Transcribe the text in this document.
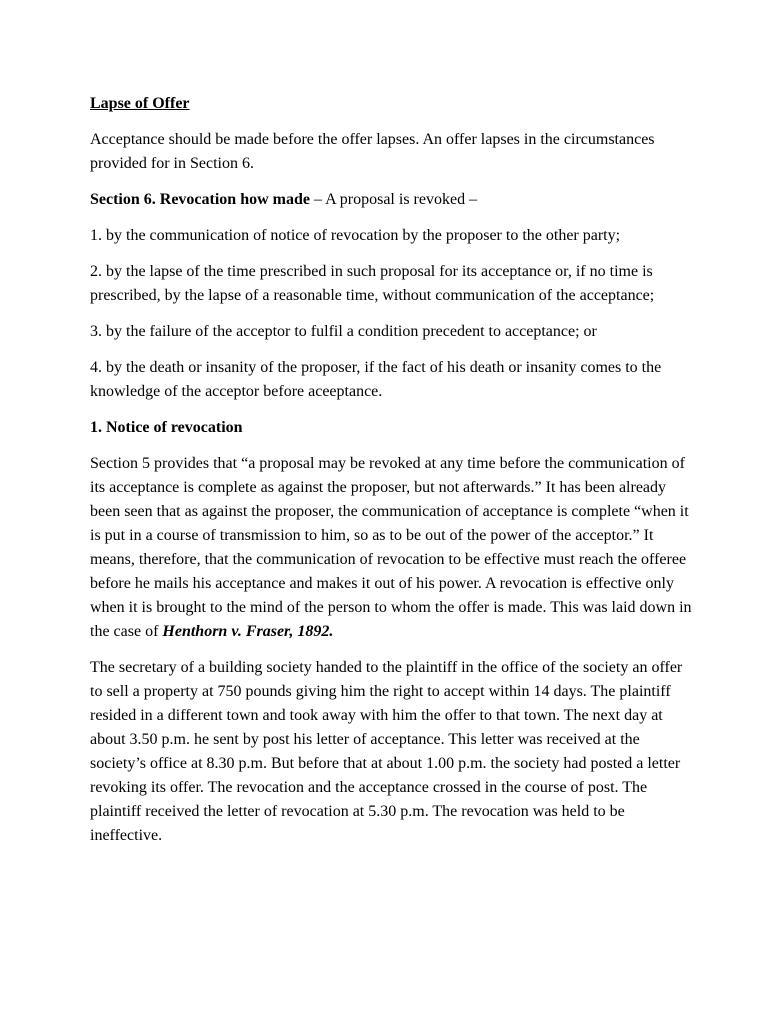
Lapse of Offer

Acceptance should be made before the offer lapses. An offer lapses in the circumstances provided for in Section 6.

Section 6. Revocation how made – A proposal is revoked –

1. by the communication of notice of revocation by the proposer to the other party;

2. by the lapse of the time prescribed in such proposal for its acceptance or, if no time is prescribed, by the lapse of a reasonable time, without communication of the acceptance;

3. by the failure of the acceptor to fulfil a condition precedent to acceptance; or

4. by the death or insanity of the proposer, if the fact of his death or insanity comes to the knowledge of the acceptor before aceeptance.

1. Notice of revocation

Section 5 provides that “a proposal may be revoked at any time before the communication of its acceptance is complete as against the proposer, but not afterwards.” It has been already been seen that as against the proposer, the communication of acceptance is complete “when it is put in a course of transmission to him, so as to be out of the power of the acceptor.” It means, therefore, that the communication of revocation to be effective must reach the offeree before he mails his acceptance and makes it out of his power. A revocation is effective only when it is brought to the mind of the person to whom the offer is made. This was laid down in the case of Henthorn v. Fraser, 1892.

The secretary of a building society handed to the plaintiff in the office of the society an offer to sell a property at 750 pounds giving him the right to accept within 14 days. The plaintiff resided in a different town and took away with him the offer to that town. The next day at about 3.50 p.m. he sent by post his letter of acceptance. This letter was received at the society’s office at 8.30 p.m. But before that at about 1.00 p.m. the society had posted a letter revoking its offer. The revocation and the acceptance crossed in the course of post. The plaintiff received the letter of revocation at 5.30 p.m. The revocation was held to be ineffective.
